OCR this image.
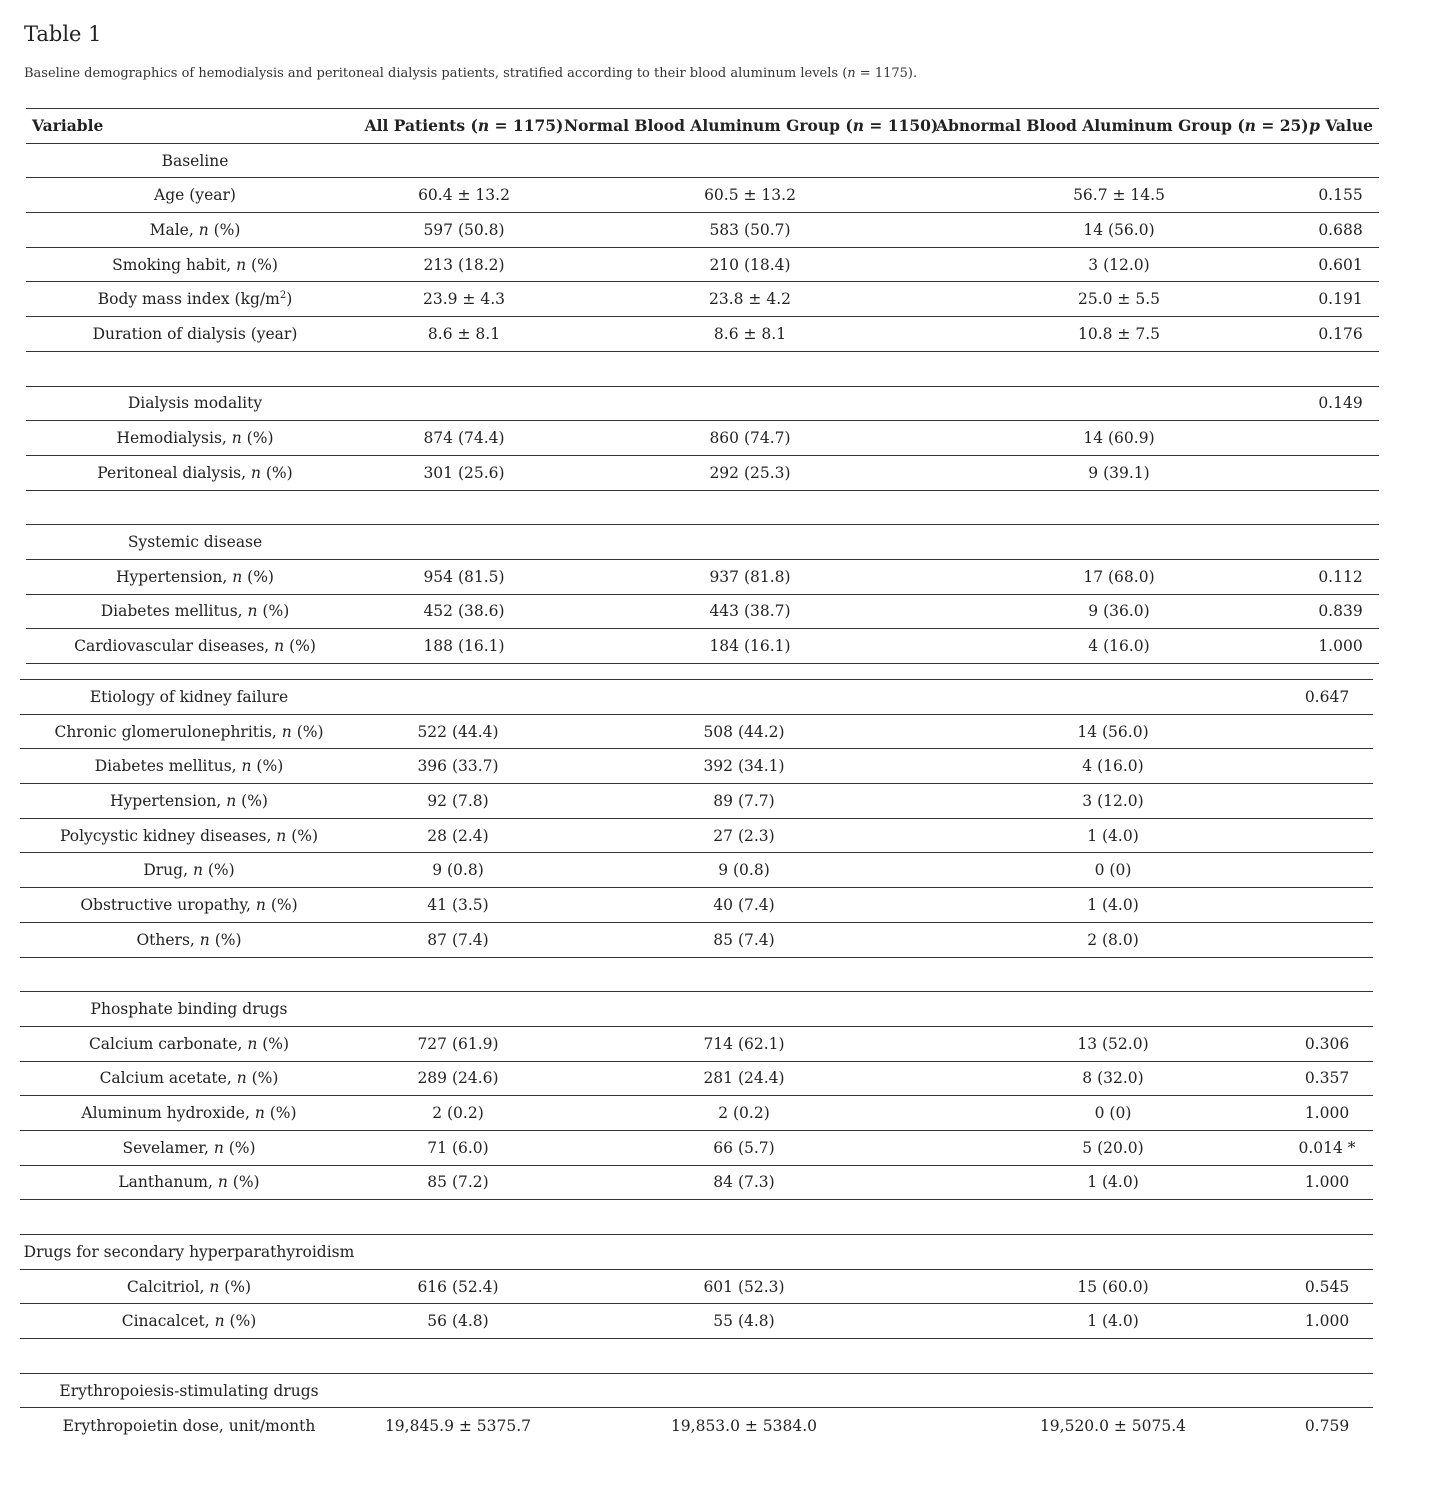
Table 1

Baseline demographics of hemodialysis and peritoneal dialysis patients, stratified according to their blood aluminum levels (n = 1175).

Variable	All Patients (n = 1175)	Normal Blood Aluminum Group (n = 1150)	Abnormal Blood Aluminum Group (n = 25)	p Value
Baseline				
Age (year)	60.4 ± 13.2	60.5 ± 13.2	56.7 ± 14.5	0.155
Male, n (%)	597 (50.8)	583 (50.7)	14 (56.0)	0.688
Smoking habit, n (%)	213 (18.2)	210 (18.4)	3 (12.0)	0.601
Body mass index $(kg/m^2)$	23.9 ± 4.3	23.8 ± 4.2	25.0 ± 5.5	0.191
Duration of dialysis (year)	8.6 ± 8.1	8.6 ± 8.1	10.8 ± 7.5	0.176

Dialysis modality				0.149
Hemodialysis, n (%)	874 (74.4)	860 (74.7)	14 (60.9)	
Peritoneal dialysis, n (%)	301 (25.6)	292 (25.3)	9 (39.1)	

Systemic disease				
Hypertension, n (%)	954 (81.5)	937 (81.8)	17 (68.0)	0.112
Diabetes mellitus, n (%)	452 (38.6)	443 (38.7)	9 (36.0)	0.839
Cardiovascular diseases, n (%)	188 (16.1)	184 (16.1)	4 (16.0)	1.000
Etiology of kidney failure				0.647
Chronic glomerulonephritis, n (%)	522 (44.4)	508 (44.2)	14 (56.0)	
Diabetes mellitus, n (%)	396 (33.7)	392 (34.1)	4 (16.0)	
Hypertension, n (%)	92 (7.8)	89 (7.7)	3 (12.0)	
Polycystic kidney diseases, n (%)	28 (2.4)	27 (2.3)	1 (4.0)	
Drug, n (%)	9 (0.8)	9 (0.8)	0 (0)	
Obstructive uropathy, n (%)	41 (3.5)	40 (7.4)	1 (4.0)	
Others, n (%)	87 (7.4)	85 (7.4)	2 (8.0)	

Phosphate binding drugs				
Calcium carbonate, n (%)	727 (61.9)	714 (62.1)	13 (52.0)	0.306
Calcium acetate, n (%)	289 (24.6)	281 (24.4)	8 (32.0)	0.357
Aluminum hydroxide, n (%)	2 (0.2)	2 (0.2)	0 (0)	1.000
Sevelamer, n (%)	71 (6.0)	66 (5.7)	5 (20.0)	0.014 *
Lanthanum, n (%)	85 (7.2)	84 (7.3)	1 (4.0)	1.000

Drugs for secondary hyperparathyroidism				
Calcitriol, n (%)	616 (52.4)	601 (52.3)	15 (60.0)	0.545
Cinacalcet, n (%)	56 (4.8)	55 (4.8)	1 (4.0)	1.000

Erythropoiesis-stimulating drugs				
Erythropoietin dose, unit/month	19,845.9 ± 5375.7	19,853.0 ± 5384.0	19,520.0 ± 5075.4	0.759
